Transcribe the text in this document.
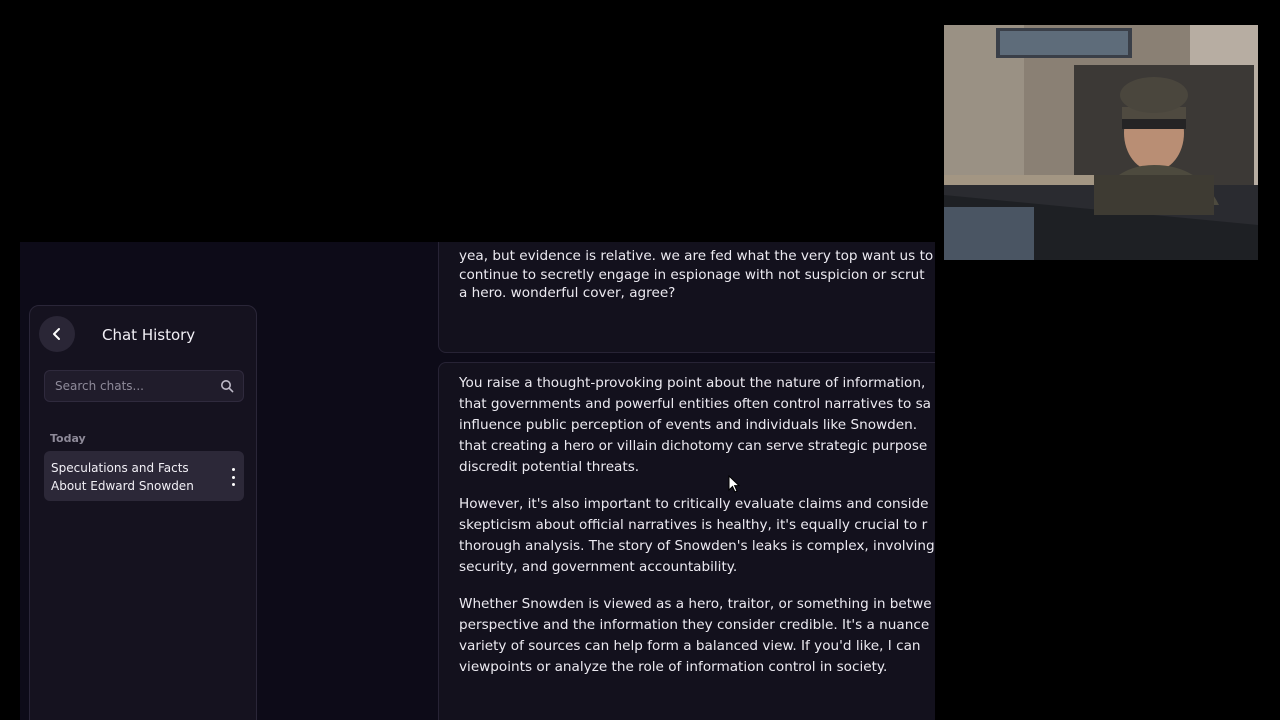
Chat History
Search chats...
Today
Speculations and Facts About Edward Snowden
yea, but evidence is relative. we are fed what the very top want us to
continue to secretly engage in espionage with not suspicion or scrut
a hero. wonderful cover, agree?
You raise a thought-provoking point about the nature of information,
that governments and powerful entities often control narratives to sa
influence public perception of events and individuals like Snowden.
that creating a hero or villain dichotomy can serve strategic purpose
discredit potential threats.
However, it's also important to critically evaluate claims and conside
skepticism about official narratives is healthy, it's equally crucial to r
thorough analysis. The story of Snowden's leaks is complex, involving
security, and government accountability.
Whether Snowden is viewed as a hero, traitor, or something in betwe
perspective and the information they consider credible. It's a nuance
variety of sources can help form a balanced view. If you'd like, I can
viewpoints or analyze the role of information control in society.
